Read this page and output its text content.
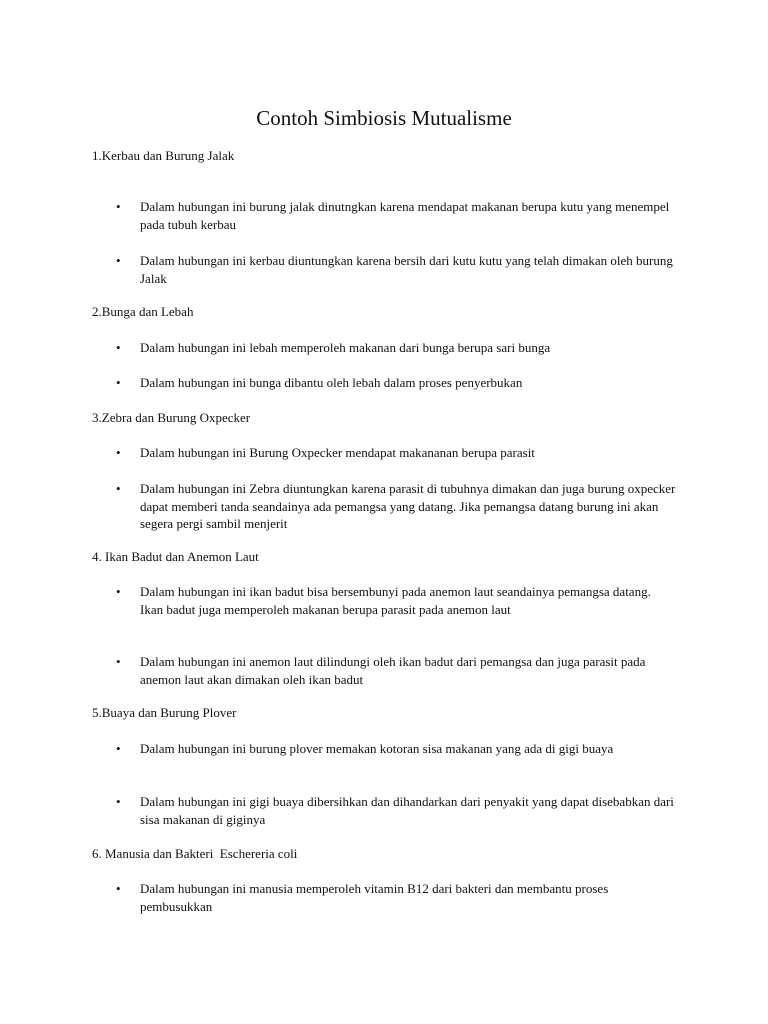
Contoh Simbiosis Mutualisme

1.Kerbau dan Burung Jalak

•	Dalam hubungan ini burung jalak dinutngkan karena mendapat makanan berupa kutu yang menempel pada tubuh kerbau
•	Dalam hubungan ini kerbau diuntungkan karena bersih dari kutu kutu yang telah dimakan oleh burung Jalak

2.Bunga dan Lebah

•	Dalam hubungan ini lebah memperoleh makanan dari bunga berupa sari bunga
•	Dalam hubungan ini bunga dibantu oleh lebah dalam proses penyerbukan

3.Zebra dan Burung Oxpecker

•	Dalam hubungan ini Burung Oxpecker mendapat makananan berupa parasit
•	Dalam hubungan ini Zebra diuntungkan karena parasit di tubuhnya dimakan dan juga burung oxpecker dapat memberi tanda seandainya ada pemangsa yang datang. Jika pemangsa datang burung ini akan segera pergi sambil menjerit

4. Ikan Badut dan Anemon Laut

•	Dalam hubungan ini ikan badut bisa bersembunyi pada anemon laut seandainya pemangsa datang. Ikan badut juga memperoleh makanan berupa parasit pada anemon laut
•	Dalam hubungan ini anemon laut dilindungi oleh ikan badut dari pemangsa dan juga parasit pada anemon laut akan dimakan oleh ikan badut

5.Buaya dan Burung Plover

•	Dalam hubungan ini burung plover memakan kotoran sisa makanan yang ada di gigi buaya
•	Dalam hubungan ini gigi buaya dibersihkan dan dihandarkan dari penyakit yang dapat disebabkan dari sisa makanan di giginya

6. Manusia dan Bakteri  Eschereria coli

•	Dalam hubungan ini manusia memperoleh vitamin B12 dari bakteri dan membantu proses pembusukkan
